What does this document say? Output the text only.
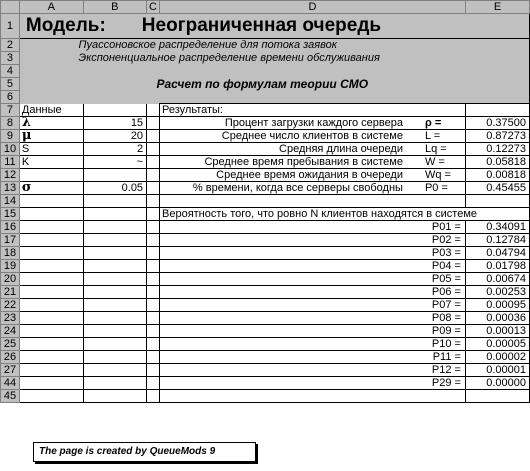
	A	B	C	D	E
1	Модель: Неограниченная очередь				
2				Пуассоновское распределение для потока заявок	
3				Экспоненциальное распределение времени обслуживания	
4					
5				Расчет по формулам теории СМО	
6					
7	Данные			Результаты:	
8	λ	15		Процент загрузки каждого сервера ρ =	0.37500
9	μ	20		Среднее число клиентов в системе L =	0.87273
10	S	2		Средняя длина очереди Lq =	0.12273
11	K	~		Среднее время пребывания в системе W =	0.05818
12				Среднее время ожидания в очереди Wq =	0.00818
13	σ	0.05		% времени, когда все серверы свободны P0 =	0.45455
14					
15				Вероятность того, что ровно N клиентов находятся в системе	
16				P01 =	0.34091
17				P02 =	0.12784
18				P03 =	0.04794
19				P04 =	0.01798
20				P05 =	0.00674
21				P06 =	0.00253
22				P07 =	0.00095
23				P08 =	0.00036
24				P09 =	0.00013
25				P10 =	0.00005
26				P11 =	0.00002
27				P12 =	0.00001
44				P29 =	0.00000
45					
The page is created by QueueMods 9
